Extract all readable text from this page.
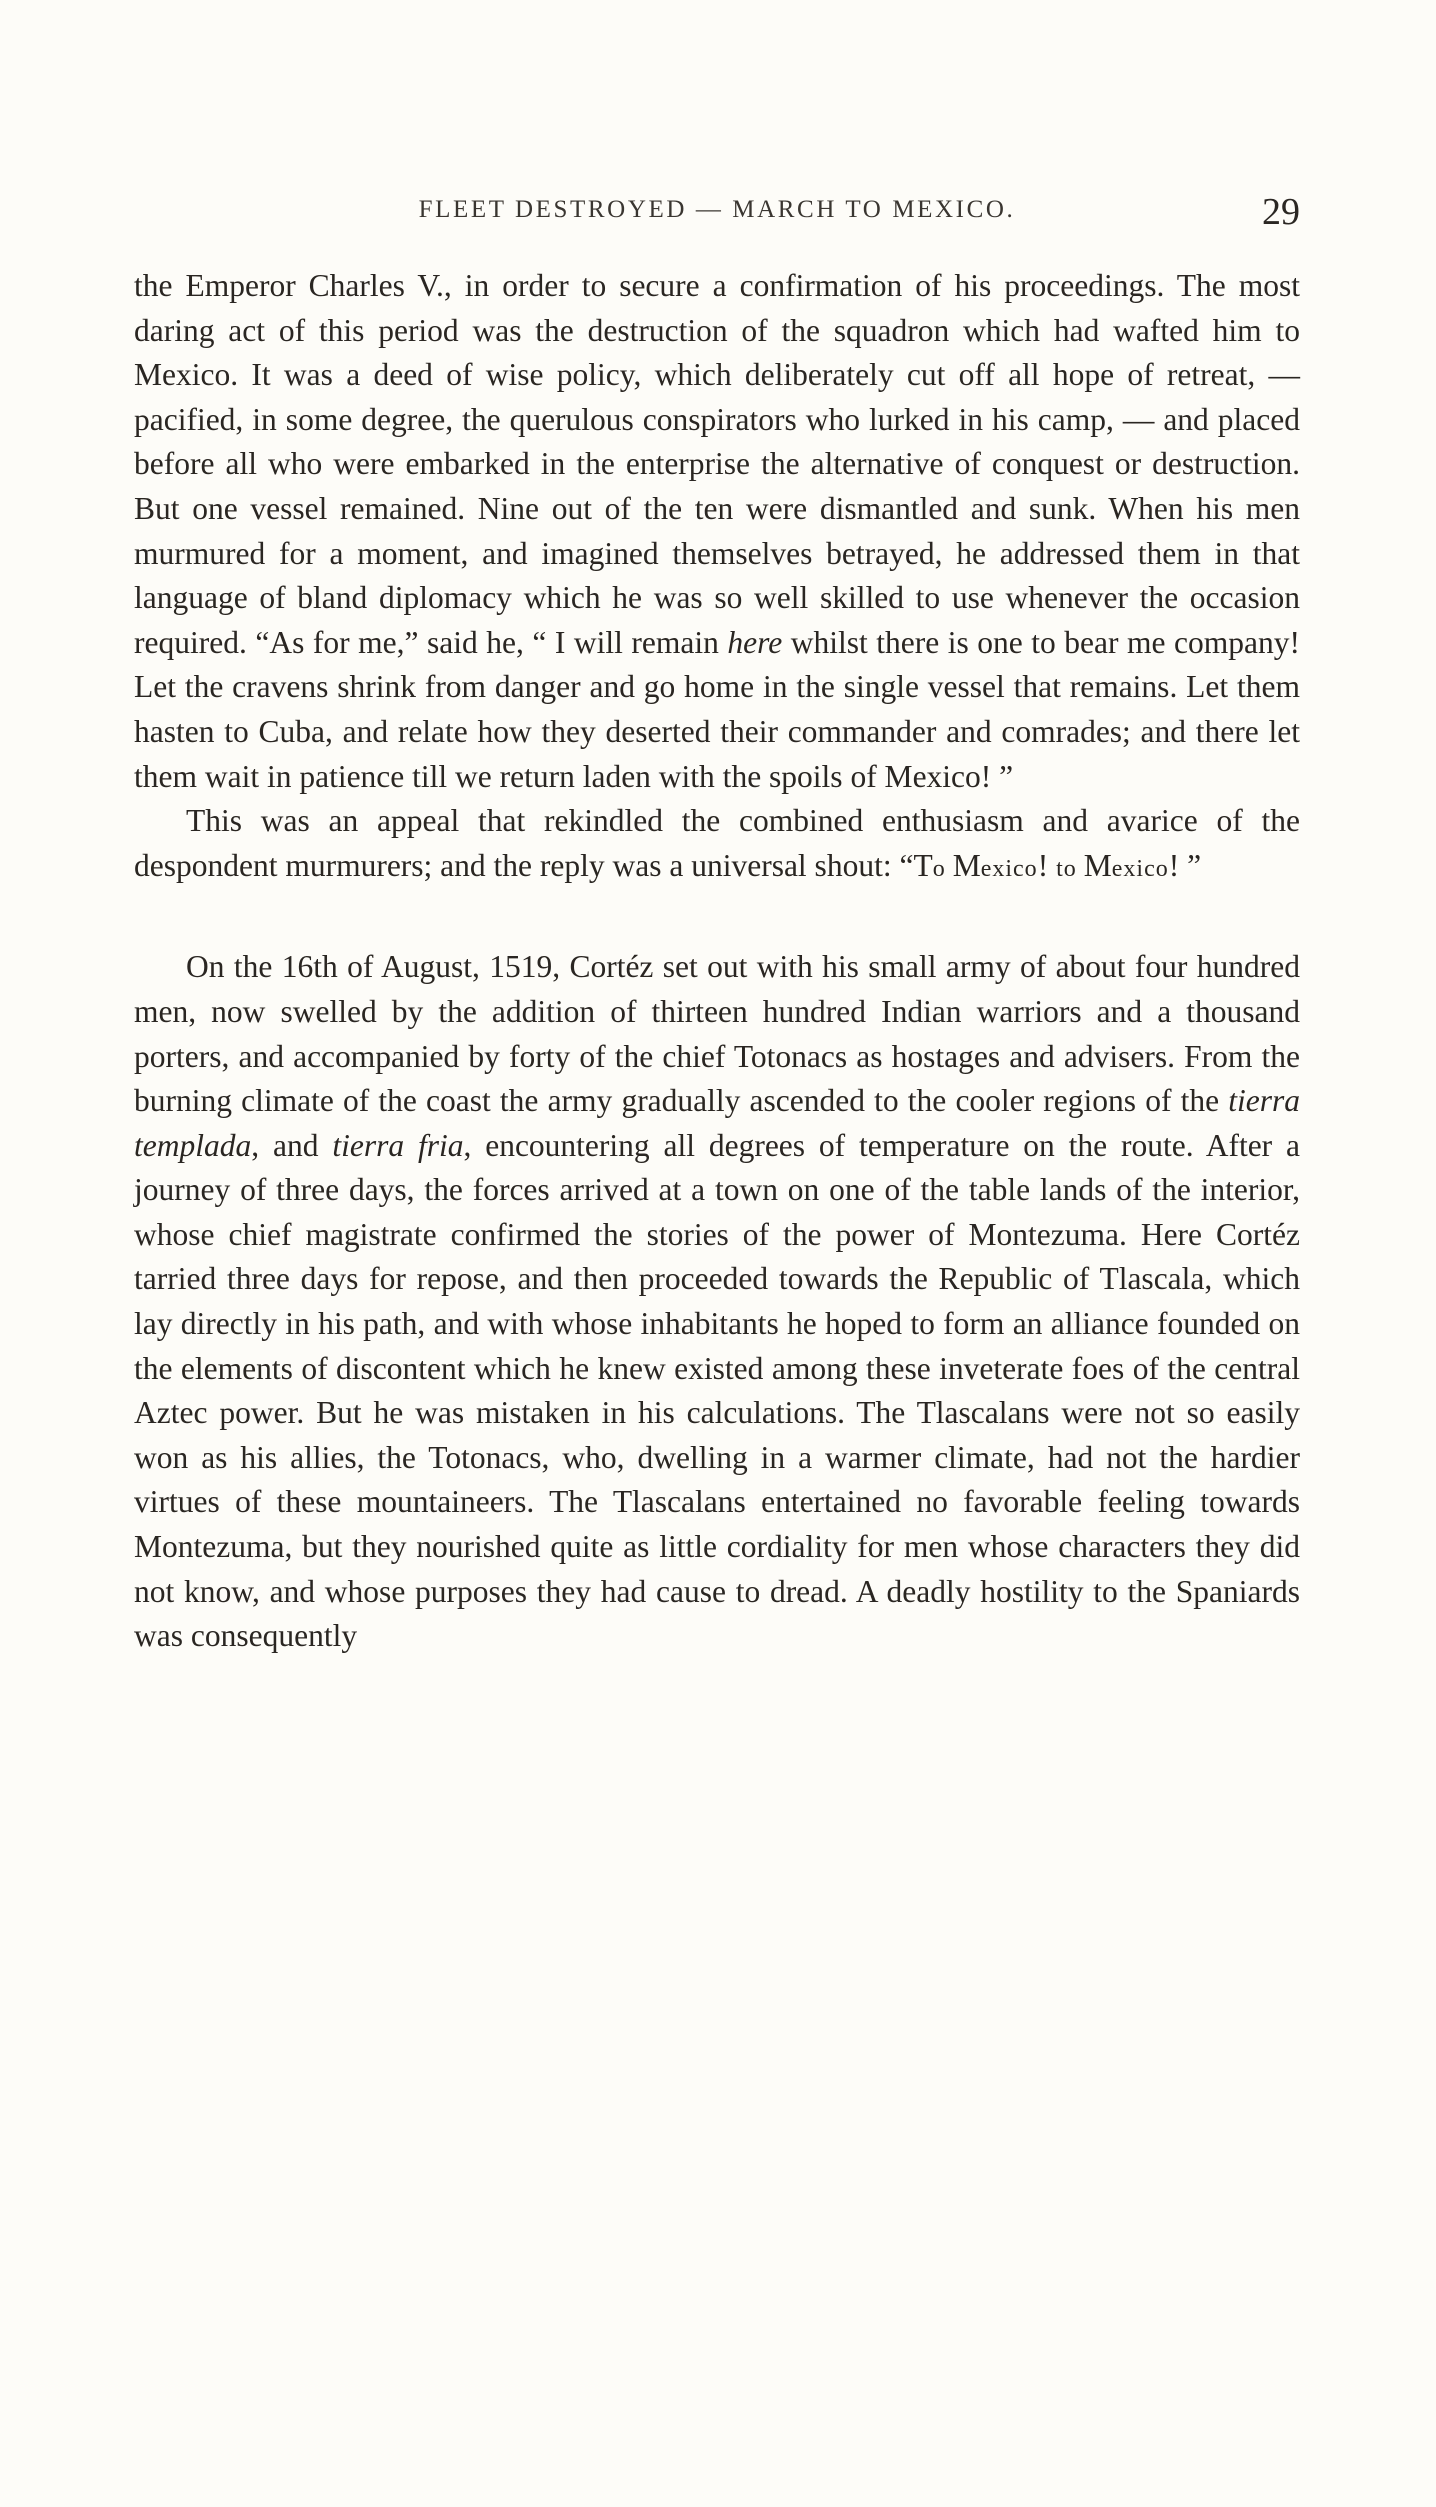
FLEET DESTROYED — MARCH TO MEXICO.	29

the Emperor Charles V., in order to secure a confirmation of his proceedings. The most daring act of this period was the destruction of the squadron which had wafted him to Mexico. It was a deed of wise policy, which deliberately cut off all hope of retreat, — pacified, in some degree, the querulous conspirators who lurked in his camp, — and placed before all who were embarked in the enterprise the alternative of conquest or destruction. But one vessel remained. Nine out of the ten were dismantled and sunk. When his men murmured for a moment, and imagined themselves betrayed, he addressed them in that language of bland diplomacy which he was so well skilled to use whenever the occasion required. “As for me,” said he, “ I will remain here whilst there is one to bear me company! Let the cravens shrink from danger and go home in the single vessel that remains. Let them hasten to Cuba, and relate how they deserted their commander and comrades; and there let them wait in patience till we return laden with the spoils of Mexico! ”

This was an appeal that rekindled the combined enthusiasm and avarice of the despondent murmurers; and the reply was a universal shout: “To Mexico! to Mexico! ”

On the 16th of August, 1519, Cortéz set out with his small army of about four hundred men, now swelled by the addition of thirteen hundred Indian warriors and a thousand porters, and accompanied by forty of the chief Totonacs as hostages and advisers. From the burning climate of the coast the army gradually ascended to the cooler regions of the tierra templada, and tierra fria, encountering all degrees of temperature on the route. After a journey of three days, the forces arrived at a town on one of the table lands of the interior, whose chief magistrate confirmed the stories of the power of Montezuma. Here Cortéz tarried three days for repose, and then proceeded towards the Republic of Tlascala, which lay directly in his path, and with whose inhabitants he hoped to form an alliance founded on the elements of discontent which he knew existed among these inveterate foes of the central Aztec power. But he was mistaken in his calculations. The Tlascalans were not so easily won as his allies, the Totonacs, who, dwelling in a warmer climate, had not the hardier virtues of these mountaineers. The Tlascalans entertained no favorable feeling towards Montezuma, but they nourished quite as little cordiality for men whose characters they did not know, and whose purposes they had cause to dread. A deadly hostility to the Spaniards was consequently
